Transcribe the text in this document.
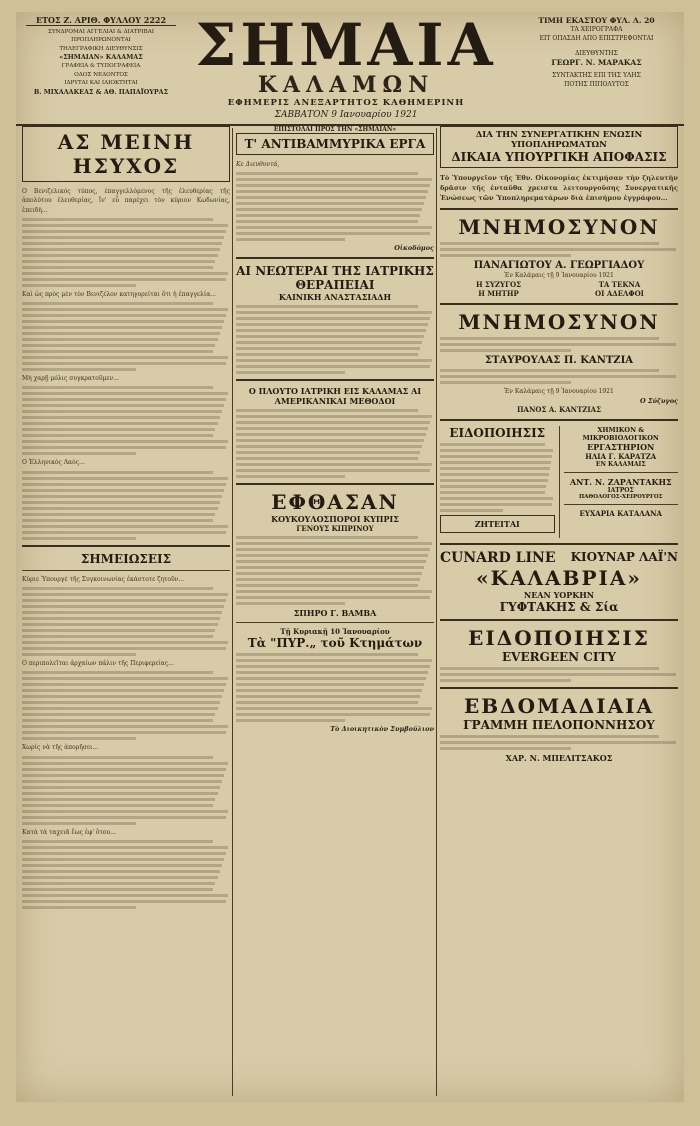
ΕΤΟΣ Z. ΑΡΙΘ. ΦΥΛΛΟΥ 2222
ΣΥΝΔΡΟΜΑΙ ΑΓΓΕΛΙΑΙ & ΔΙΑΤΡΙΒΑΙ
ΠΡΟΠΛΗΡΩΝΟΝΤΑΙ
ΤΗΛΕΓΡΑΦΙΚΗ ΔΙΕΥΘΥΝΣΙΣ
«ΣΗΜΑΙΑΝ» ΚΑΛΑΜΑΣ
ΓΡΑΦΕΙΑ & ΤΥΠΟΓΡΑΦΕΙΑ
ΟΔΟΣ ΝΕΔΟΝΤΟΣ
ΙΔΡΥΤΑΙ ΚΑΙ ΙΔΙΟΚΤΗΤΑΙ
Β. ΜΙΧΑΛΑΚΕΑΣ & ΑΘ. ΠΑΠΑΪΟΥΡΑΣ
ΣΗΜΑΙΑ
ΚΑΛΑΜΩΝ
ΕΦΗΜΕΡΙΣ ΑΝΕΞΑΡΤΗΤΟΣ ΚΑΘΗΜΕΡΙΝΗ
ΣΑΒΒΑΤΟΝ 9 Ιανουαρίου 1921
ΤΙΜΗ ΕΚΑΣΤΟΥ ΦΥΛ. Λ. 20
ΤΑ ΧΕΙΡΟΓΡΑΦΑ
ΕΙΤ ΟΠΑΣΔΗ ΑΠΟ ΕΠΙΣΤΡΕΦΟΝΤΑΙ
ΔΙΕΥΘΥΝΤΗΣ
ΓΕΩΡΓ. Ν. ΜΑΡΑΚΑΣ
ΣΥΝΤΑΚΤΗΣ ΕΠΙ ΤΗΣ ΥΛΗΣ
ΠΟΤΗΣ ΠΙΠΟΛΥΤΟΣ
ΑΣ ΜΕΙΝΗ ΗΣΥΧΟΣ
Ο Βενιζελικός τύπος, έπαγγελλόμενος τῆς ἐλευθερίας τῆς ἀπολύτου ἐλευθερίας, ἵν' εὗ παρέχει τὸν κύριον Κωδωνίας, ἐπειδὴ...
Καὶ ὡς πρὸς μὲν τὸν Βενιζέλον κατηγορείται ὅτι ἡ ἐπαγγελία...
Μὴ χαρῇ μόλις συγκρατοῦμεν...
Ο Ἑλληνικὸς Λαὸς...
ΣΗΜΕΙΩΣΕΙΣ
Κύριε Ὑπουργὲ τῆς Συγκοινωνίας ἐκάστοτε ζητοῦν...
Ο περιπολεῖται ἀρχαίων πάλιν τῆς Περιφερείας...
Χωρὶς νὰ τῆς ἀπορῆσει...
Κατὰ τὰ ταχειᾶ ἔως ἐφ' ὅτου...
ΕΠΙΣΤΟΛΑΙ ΠΡΟΣ ΤΗΝ «ΣΗΜΑΙΑΝ»
Τ' ΑΝΤΙΒΑΜΜΥΡΙΚΑ ΕΡΓΑ
Κε Διευθυντά,
Οἰκοδόμος
ΑΙ ΝΕΩΤΕΡΑΙ ΤΗΣ ΙΑΤΡΙΚΗΣ ΘΕΡΑΠΕΙΑΙ
ΚΑΙΝΙΚΗ ΑΝΑΣΤΑΣΙΑΔΗ
Ο ΠΛΟΥΤΟ ΙΑΤΡΙΚΗ ΕΙΣ ΚΑΛΑΜΑΣ ΑΙ ΑΜΕΡΙΚΑΝΙΚΑΙ ΜΕΘΟΔΟΙ
ΕΦΘΑΣΑΝ
ΚΟΥΚΟΥΛΟΣΠΟΡΟΙ ΚΥΠΡΙΣ
ΓΕΝΟΥΣ ΚΙΠΡΙΝΟΥ
ΣΠΗΡΟ Γ. ΒΑΜΒΑ
Τῇ Κυριακῇ 10 Ἰανουαρίου
Τὰ "ΠΥΡ.„ τοῦ Κτημάτων
Τὸ Διοικητικὸν Συμβούλιον
ΔΙΑ ΤΗΝ ΣΥΝΕΡΓΑΤΙΚΗΝ ΕΝΩΣΙΝ ΥΠΟΠΛΗΡΩΜΑΤΩΝ
ΔΙΚΑΙΑ ΥΠΟΥΡΓΙΚΗ ΑΠΟΦΑΣΙΣ
Τὸ Ὑπουργεῖον τῆς Ἐθν. Οἰκονομίας ἐκτιμήσαν τὴν ζηλευτὴν δρᾶσιν τῆς ἐνταῦθα χρειστα λειτουργοῦσης Συνεργατικῆς Ἑνώσεως τῶν Ὑποπληρεματάρων διὰ ἐπισήμου ἐγγράφου...
ΜΝΗΜΟΣΥΝΟΝ
ΠΑΝΑΓΙΩΤΟΥ Α. ΓΕΩΡΓΙΑΔΟΥ
Ἐν Καλάμαις τῇ 9 Ἰανουαρίου 1921
Η ΣΥΖΥΓΟΣ
Η ΜΗΤΗΡ
ΤΑ ΤΕΚΝΑ
ΟΙ ΑΔΕΛΦΟΙ
ΜΝΗΜΟΣΥΝΟΝ
ΣΤΑΥΡΟΥΛΑΣ Π. ΚΑΝΤΖΙΑ
Ἐν Καλάμαις τῇ 9 Ἰανουαρίου 1921
Ο Σύζυγος
ΠΑΝΟΣ Α. ΚΑΝΤΖΙΑΣ
ΕΙΔΟΠΟΙΗΣΙΣ
ΖΗΤΕΙΤΑΙ
ΧΗΜΙΚΟΝ & ΜΙΚΡΟΒΙΟΛΟΓΙΚΟΝ
ΕΡΓΑΣΤΗΡΙΟΝ
ΗΛΙΑ Γ. ΚΑΡΑΤΖΑ
ΕΝ ΚΑΛΑΜΑΙΣ
ΑΝΤ. Ν. ΖΑΡΑΝΤΑΚΗΣ
ΙΑΤΡΟΣ
ΠΑΘΟΛΟΓΟΣ-ΧΕΙΡΟΥΡΓΟΣ
ΕΥΧΑΡΙΑ ΚΑΤΑΛΑΝΑ
CUNARD LINE	ΚΙΟΥΝΑΡ ΛΑΪ'Ν
«ΚΑΛΑΒΡΙΑ»
ΝΕΑΝ ΥΟΡΚΗΝ
ΓΥΦΤΑΚΗΣ & Σία
ΕΙΔΟΠΟΙΗΣΙΣ
EVERGEEN CITY
ΕΒΔΟΜΑΔΙΑΙΑ
ΓΡΑΜΜΗ ΠΕΛΟΠΟΝΝΗΣΟΥ
ΧΑΡ. Ν. ΜΠΕΛΙΤΣΑΚΟΣ
